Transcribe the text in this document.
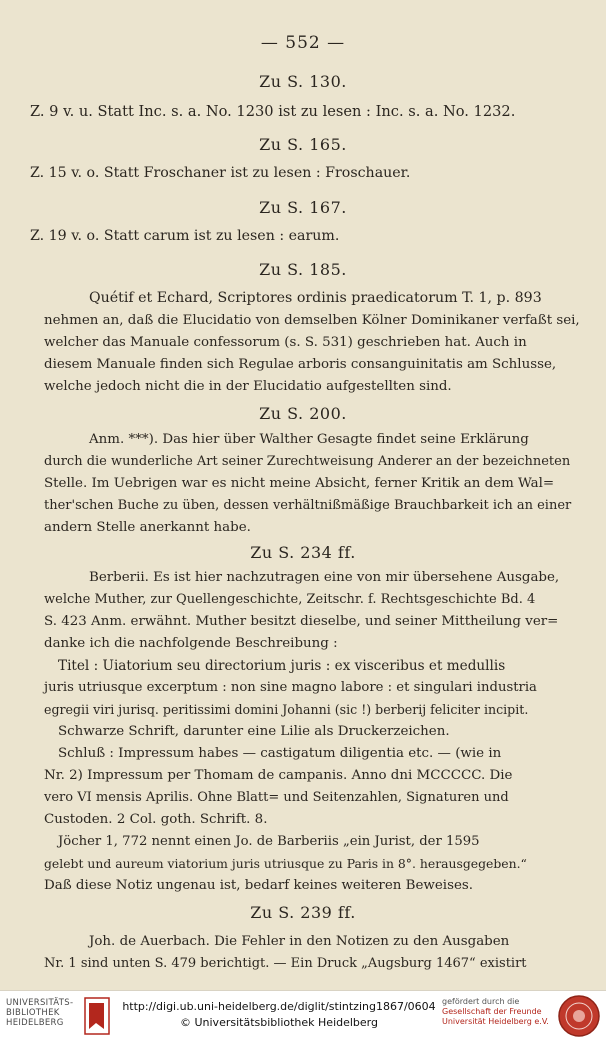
— 552 —
Zu S. 130.
Z. 9 v. u. Statt Inc. s. a. No. 1230 ist zu lesen : Inc. s. a. No. 1232.
Zu S. 165.
Z. 15 v. o. Statt Froschaner ist zu lesen : Froschauer.
Zu S. 167.
Z. 19 v. o. Statt carum ist zu lesen : earum.
Zu S. 185.
Quétif et Echard, Scriptores ordinis praedicatorum T. 1, p. 893
nehmen an, daß die Elucidatio von demselben Kölner Dominikaner verfaßt sei,
welcher das Manuale confessorum (s. S. 531) geschrieben hat. Auch in
diesem Manuale finden sich Regulae arboris consanguinitatis am Schlusse,
welche jedoch nicht die in der Elucidatio aufgestellten sind.
Zu S. 200.
Anm. ***). Das hier über Walther Gesagte findet seine Erklärung
durch die wunderliche Art seiner Zurechtweisung Anderer an der bezeichneten
Stelle. Im Uebrigen war es nicht meine Absicht, ferner Kritik an dem Wal=
ther'schen Buche zu üben, dessen verhältnißmäßige Brauchbarkeit ich an einer
andern Stelle anerkannt habe.
Zu S. 234 ff.
Berberii. Es ist hier nachzutragen eine von mir übersehene Ausgabe,
welche Muther, zur Quellengeschichte, Zeitschr. f. Rechtsgeschichte Bd. 4
S. 423 Anm. erwähnt. Muther besitzt dieselbe, und seiner Mittheilung ver=
danke ich die nachfolgende Beschreibung :
Titel : Uiatorium seu directorium juris : ex visceribus et medullis
juris utriusque excerptum : non sine magno labore : et singulari industria
egregii viri jurisq. peritissimi domini Johanni (sic !) berberij feliciter incipit.
Schwarze Schrift, darunter eine Lilie als Druckerzeichen.
Schluß : Impressum habes — castigatum diligentia etc. — (wie in
Nr. 2) Impressum per Thomam de campanis. Anno dni MCCCCC. Die
vero VI mensis Aprilis. Ohne Blatt= und Seitenzahlen, Signaturen und
Custoden. 2 Col. goth. Schrift. 8.
Jöcher 1, 772 nennt einen Jo. de Barberiis „ein Jurist, der 1595
gelebt und aureum viatorium juris utriusque zu Paris in 8°. herausgegeben.“
Daß diese Notiz ungenau ist, bedarf keines weiteren Beweises.
Zu S. 239 ff.
Joh. de Auerbach. Die Fehler in den Notizen zu den Ausgaben
Nr. 1 sind unten S. 479 berichtigt. — Ein Druck „Augsburg 1467“ existirt
UNIVERSITÄTS-
BIBLIOTHEK
HEIDELBERG
http://digi.ub.uni-heidelberg.de/diglit/stintzing1867/0604
© Universitätsbibliothek Heidelberg
gefördert durch die
Gesellschaft der Freunde
Universität Heidelberg e.V.
